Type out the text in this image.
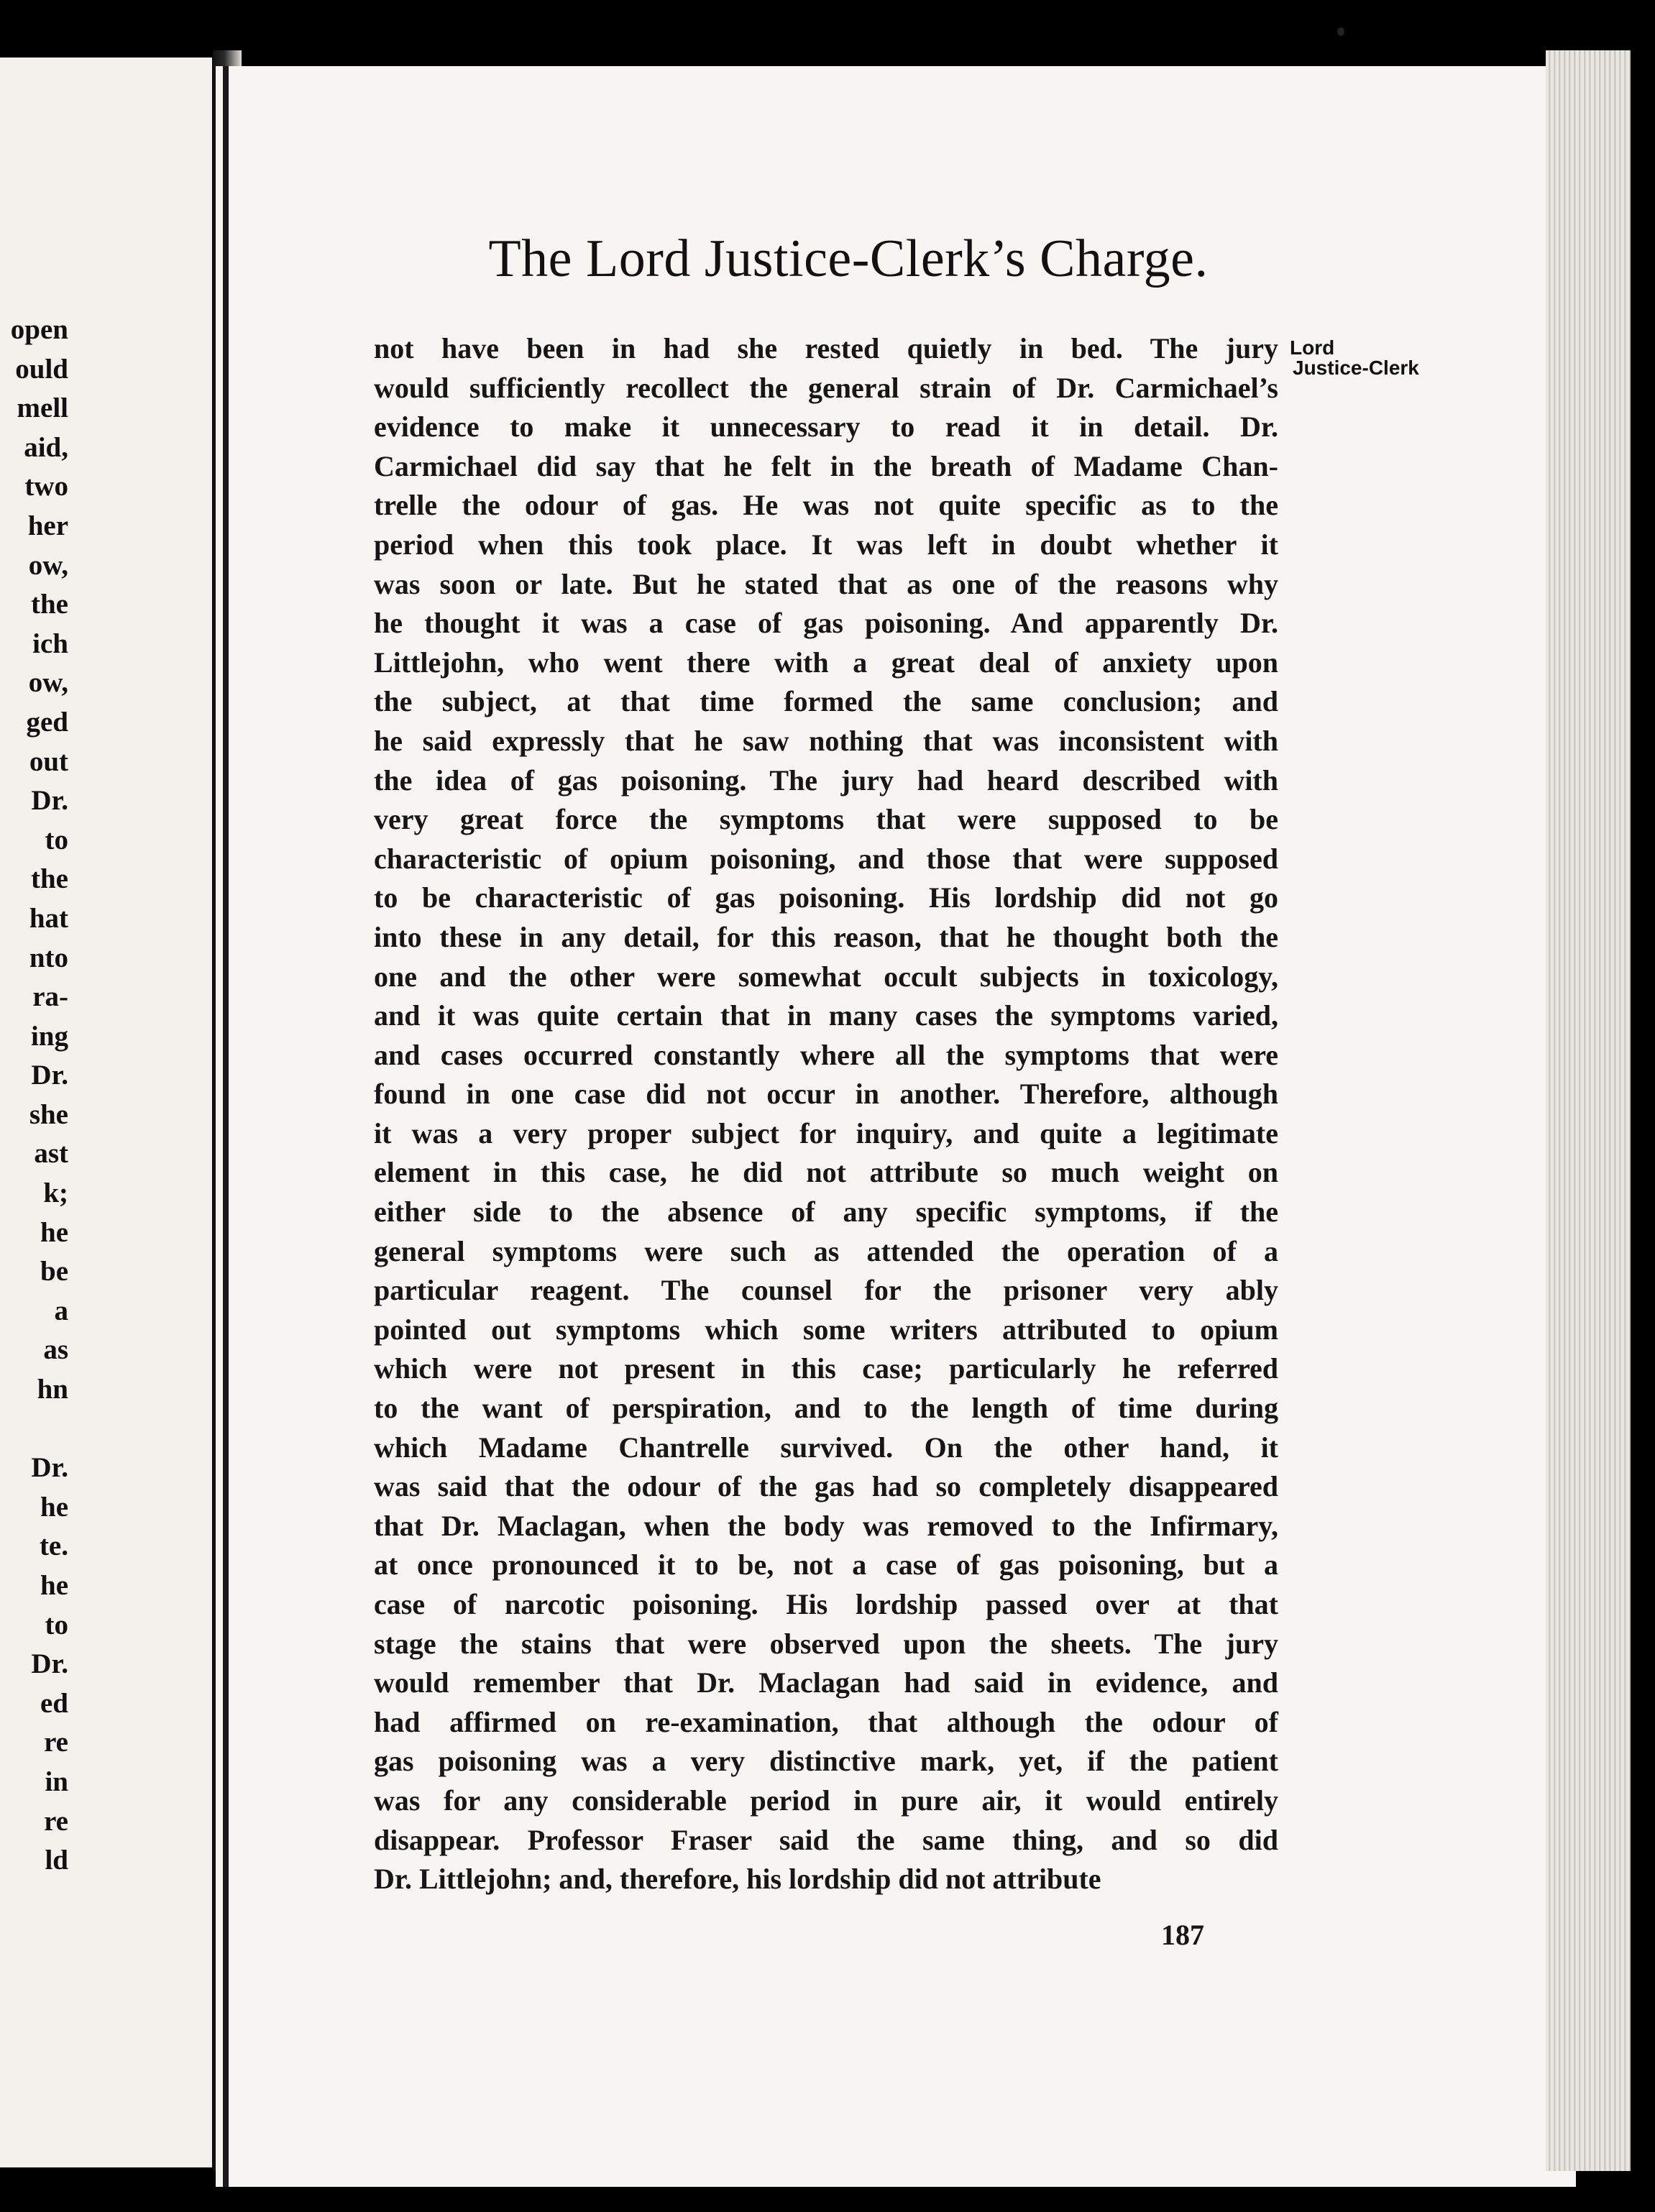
open
ould
mell
aid,
two
her
ow,
the
ich
ow,
ged
out
Dr.
to
the
hat
nto
ra-
ing
Dr.
she
ast
k;
he
be
a
as
hn
Dr.
he
te.
he
to
Dr.
ed
re
in
re
ld
The Lord Justice-Clerk’s Charge.
Lord
Justice-Clerk
not have been in had she rested quietly in bed. The jury
would sufficiently recollect the general strain of Dr. Carmichael’s
evidence to make it unnecessary to read it in detail. Dr.
Carmichael did say that he felt in the breath of Madame Chan-
trelle the odour of gas. He was not quite specific as to the
period when this took place. It was left in doubt whether it
was soon or late. But he stated that as one of the reasons why
he thought it was a case of gas poisoning. And apparently Dr.
Littlejohn, who went there with a great deal of anxiety upon
the subject, at that time formed the same conclusion; and
he said expressly that he saw nothing that was inconsistent with
the idea of gas poisoning. The jury had heard described with
very great force the symptoms that were supposed to be
characteristic of opium poisoning, and those that were supposed
to be characteristic of gas poisoning. His lordship did not go
into these in any detail, for this reason, that he thought both the
one and the other were somewhat occult subjects in toxicology,
and it was quite certain that in many cases the symptoms varied,
and cases occurred constantly where all the symptoms that were
found in one case did not occur in another. Therefore, although
it was a very proper subject for inquiry, and quite a legitimate
element in this case, he did not attribute so much weight on
either side to the absence of any specific symptoms, if the
general symptoms were such as attended the operation of a
particular reagent. The counsel for the prisoner very ably
pointed out symptoms which some writers attributed to opium
which were not present in this case; particularly he referred
to the want of perspiration, and to the length of time during
which Madame Chantrelle survived. On the other hand, it
was said that the odour of the gas had so completely disappeared
that Dr. Maclagan, when the body was removed to the Infirmary,
at once pronounced it to be, not a case of gas poisoning, but a
case of narcotic poisoning. His lordship passed over at that
stage the stains that were observed upon the sheets. The jury
would remember that Dr. Maclagan had said in evidence, and
had affirmed on re-examination, that although the odour of
gas poisoning was a very distinctive mark, yet, if the patient
was for any considerable period in pure air, it would entirely
disappear. Professor Fraser said the same thing, and so did
Dr. Littlejohn; and, therefore, his lordship did not attribute
187
